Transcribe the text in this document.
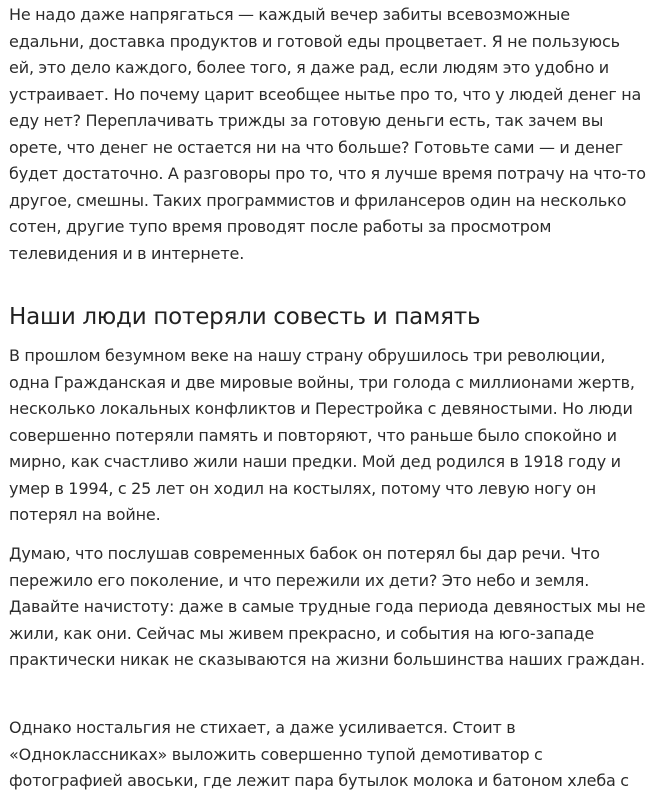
Не надо даже напрягаться — каждый вечер забиты всевозможные едальни, доставка продуктов и готовой еды процветает. Я не пользуюсь ей, это дело каждого, более того, я даже рад, если людям это удобно и устраивает. Но почему царит всеобщее нытье про то, что у людей денег на еду нет? Переплачивать трижды за готовую деньги есть, так зачем вы орете, что денег не остается ни на что больше? Готовьте сами — и денег будет достаточно. А разговоры про то, что я лучше время потрачу на что-то другое, смешны. Таких программистов и фрилансеров один на несколько сотен, другие тупо время проводят после работы за просмотром телевидения и в интернете.

Наши люди потеряли совесть и память

В прошлом безумном веке на нашу страну обрушилось три революции, одна Гражданская и две мировые войны, три голода с миллионами жертв, несколько локальных конфликтов и Перестройка с девяностыми. Но люди совершенно потеряли память и повторяют, что раньше было спокойно и мирно, как счастливо жили наши предки. Мой дед родился в 1918 году и умер в 1994, с 25 лет он ходил на костылях, потому что левую ногу он потерял на войне.

Думаю, что послушав современных бабок он потерял бы дар речи. Что пережило его поколение, и что пережили их дети? Это небо и земля. Давайте начистоту: даже в самые трудные года периода девяностых мы не жили, как они. Сейчас мы живем прекрасно, и события на юго-западе практически никак не сказываются на жизни большинства наших граждан.

Однако ностальгия не стихает, а даже усиливается. Стоит в «Одноклассниках» выложить совершенно тупой демотиватор с фотографией авоськи, где лежит пара бутылок молока и батоном хлеба с
